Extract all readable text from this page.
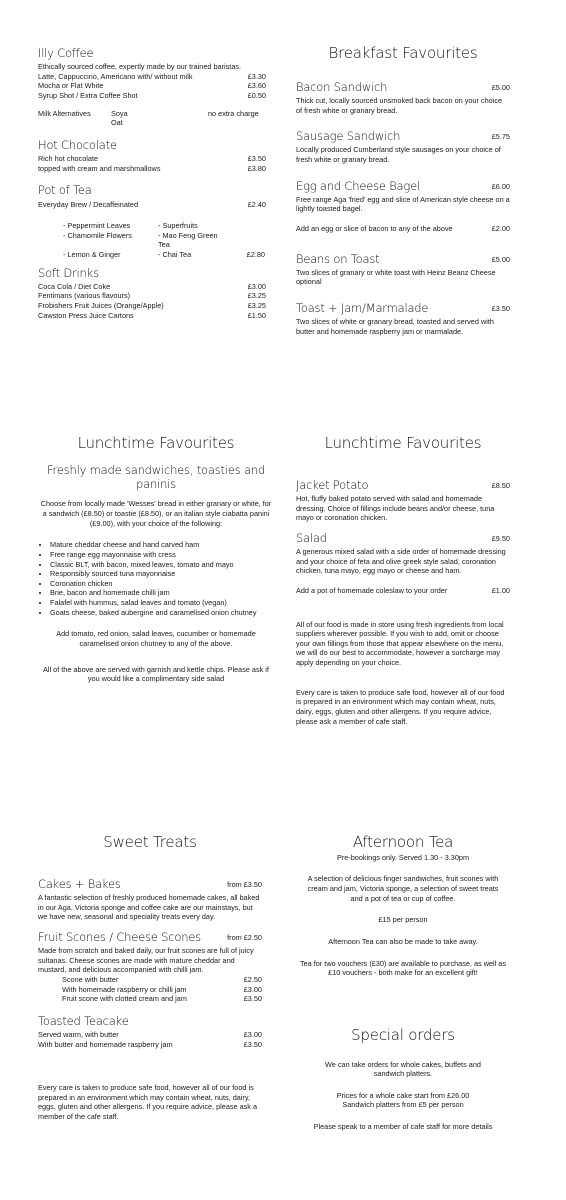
Illy Coffee
Ethically sourced coffee, expertly made by our trained baristas.
Latte, Cappuccino, Americano with/ without milk	£3.30
Mocha or Flat White	£3.60
Syrup Shot / Extra Coffee Shot	£0.50
Milk Alternatives	Soya
Oat
no extra charge
Hot Chocolate
Rich hot chocolate	£3.50
topped with cream and marshmallows	£3.80
Pot of Tea
Everyday Brew / Decaffeinated	£2.40
- Peppermint Leaves	- Superfruits
- Chamomile Flowers	- Mao Feng Green Tea
- Lemon & Ginger	- Chai Tea	£2.80
Soft Drinks
Coca Cola / Diet Coke	£3.00
Fentimans (various flavours)	£3.25
Frobishers Fruit Juices (Orange/Apple)	£3.25
Cawston Press Juice Cartons	£1.50
Breakfast Favourites
Bacon Sandwich	£5.00
Thick cut, locally sourced unsmoked back bacon on your choice of fresh white or granary bread.
Sausage Sandwich	£5.75
Locally produced Cumberland style sausages on your choice of fresh white or granary bread.
Egg and Cheese Bagel	£6.00
Free range Aga 'fried' egg and slice of American style cheese on a lightly toasted bagel.
Add an egg or slice of bacon to any of the above	£2.00
Beans on Toast	£5.00
Two slices of granary or white toast with Heinz Beanz Cheese optional
Toast + Jam/Marmalade	£3.50
Two slices of white or granary bread, toasted and served with butter and homemade raspberry jam or marmalade.
Lunchtime Favourites
Freshly made sandwiches, toasties and paninis
Choose from locally made 'Wesses' bread in either granary or white, for a sandwich (£8.50) or toastie (£8.50), or an italian style ciabatta panini (£9.00), with your choice of the following:
• Mature cheddar cheese and hand carved ham
• Free range egg mayonnaise with cress
• Classic BLT, with bacon, mixed leaves, tomato and mayo
• Responsibly sourced tuna mayonnaise
• Coronation chicken
• Brie, bacon and homemade chilli jam
• Falafel with hummus, salad leaves and tomato (vegan)
• Goats cheese, baked aubergine and caramelised onion chutney
Add tomato, red onion, salad leaves, cucumber or homemade caramelised onion chutney to any of the above.
All of the above are served with garnish and kettle chips. Please ask if you would like a complimentary side salad
Lunchtime Favourites
Jacket Potato	£8.50
Hot, fluffy baked potato served with salad and homemade dressing. Choice of fillings include beans and/or cheese, tuna mayo or coronation chicken.
Salad	£9.50
A generous mixed salad with a side order of homemade dressing and your choice of feta and olive greek style salad, coronation chicken, tuna mayo, egg mayo or cheese and ham.
Add a pot of homemade coleslaw to your order	£1.00
All of our food is made in store using fresh ingredients from local suppliers wherever possible. If you wish to add, omit or choose your own fillings from those that appear elsewhere on the menu, we will do our best to accommodate, however a surcharge may apply depending on your choice.
Every care is taken to produce safe food, however all of our food is prepared in an environment which may contain wheat, nuts, dairy, eggs, gluten and other allergens. If you require advice, please ask a member of cafe staff.
Sweet Treats
Cakes + Bakes	from £3.50
A fantastic selection of freshly produced homemade cakes, all baked in our Aga. Victoria sponge and coffee cake are our mainstays, but we have new, seasonal and speciality treats every day.
Fruit Scones / Cheese Scones	from £2.50
Made from scratch and baked daily, our fruit scones are full of juicy sultanas. Cheese scones are made with mature cheddar and mustard, and delicious accompanied with chilli jam.
Scone with butter	£2.50
With homemade raspberry or chilli jam	£3.00
Fruit scone with clotted cream and jam	£3.50
Toasted Teacake
Served warm, with butter	£3.00
With butter and homemade raspberry jam	£3.50
Every care is taken to produce safe food, however all of our food is prepared in an environment which may contain wheat, nuts, dairy, eggs, gluten and other allergens. If you require advice, please ask a member of the cafe staff.
Afternoon Tea
Pre-bookings only. Served 1.30 - 3.30pm
A selection of delicious finger sandwiches, fruit scones with cream and jam, Victoria sponge, a selection of sweet treats and a pot of tea or cup of coffee.
£15 per person
Afternoon Tea can also be made to take away.
Tea for two vouchers (£30) are available to purchase, as well as £10 vouchers - both make for an excellent gift!
Special orders
We can take orders for whole cakes, buffets and sandwich platters.
Prices for a whole cake start from £26.00
Sandwich platters from £5 per person
Please speak to a member of cafe staff for more details
